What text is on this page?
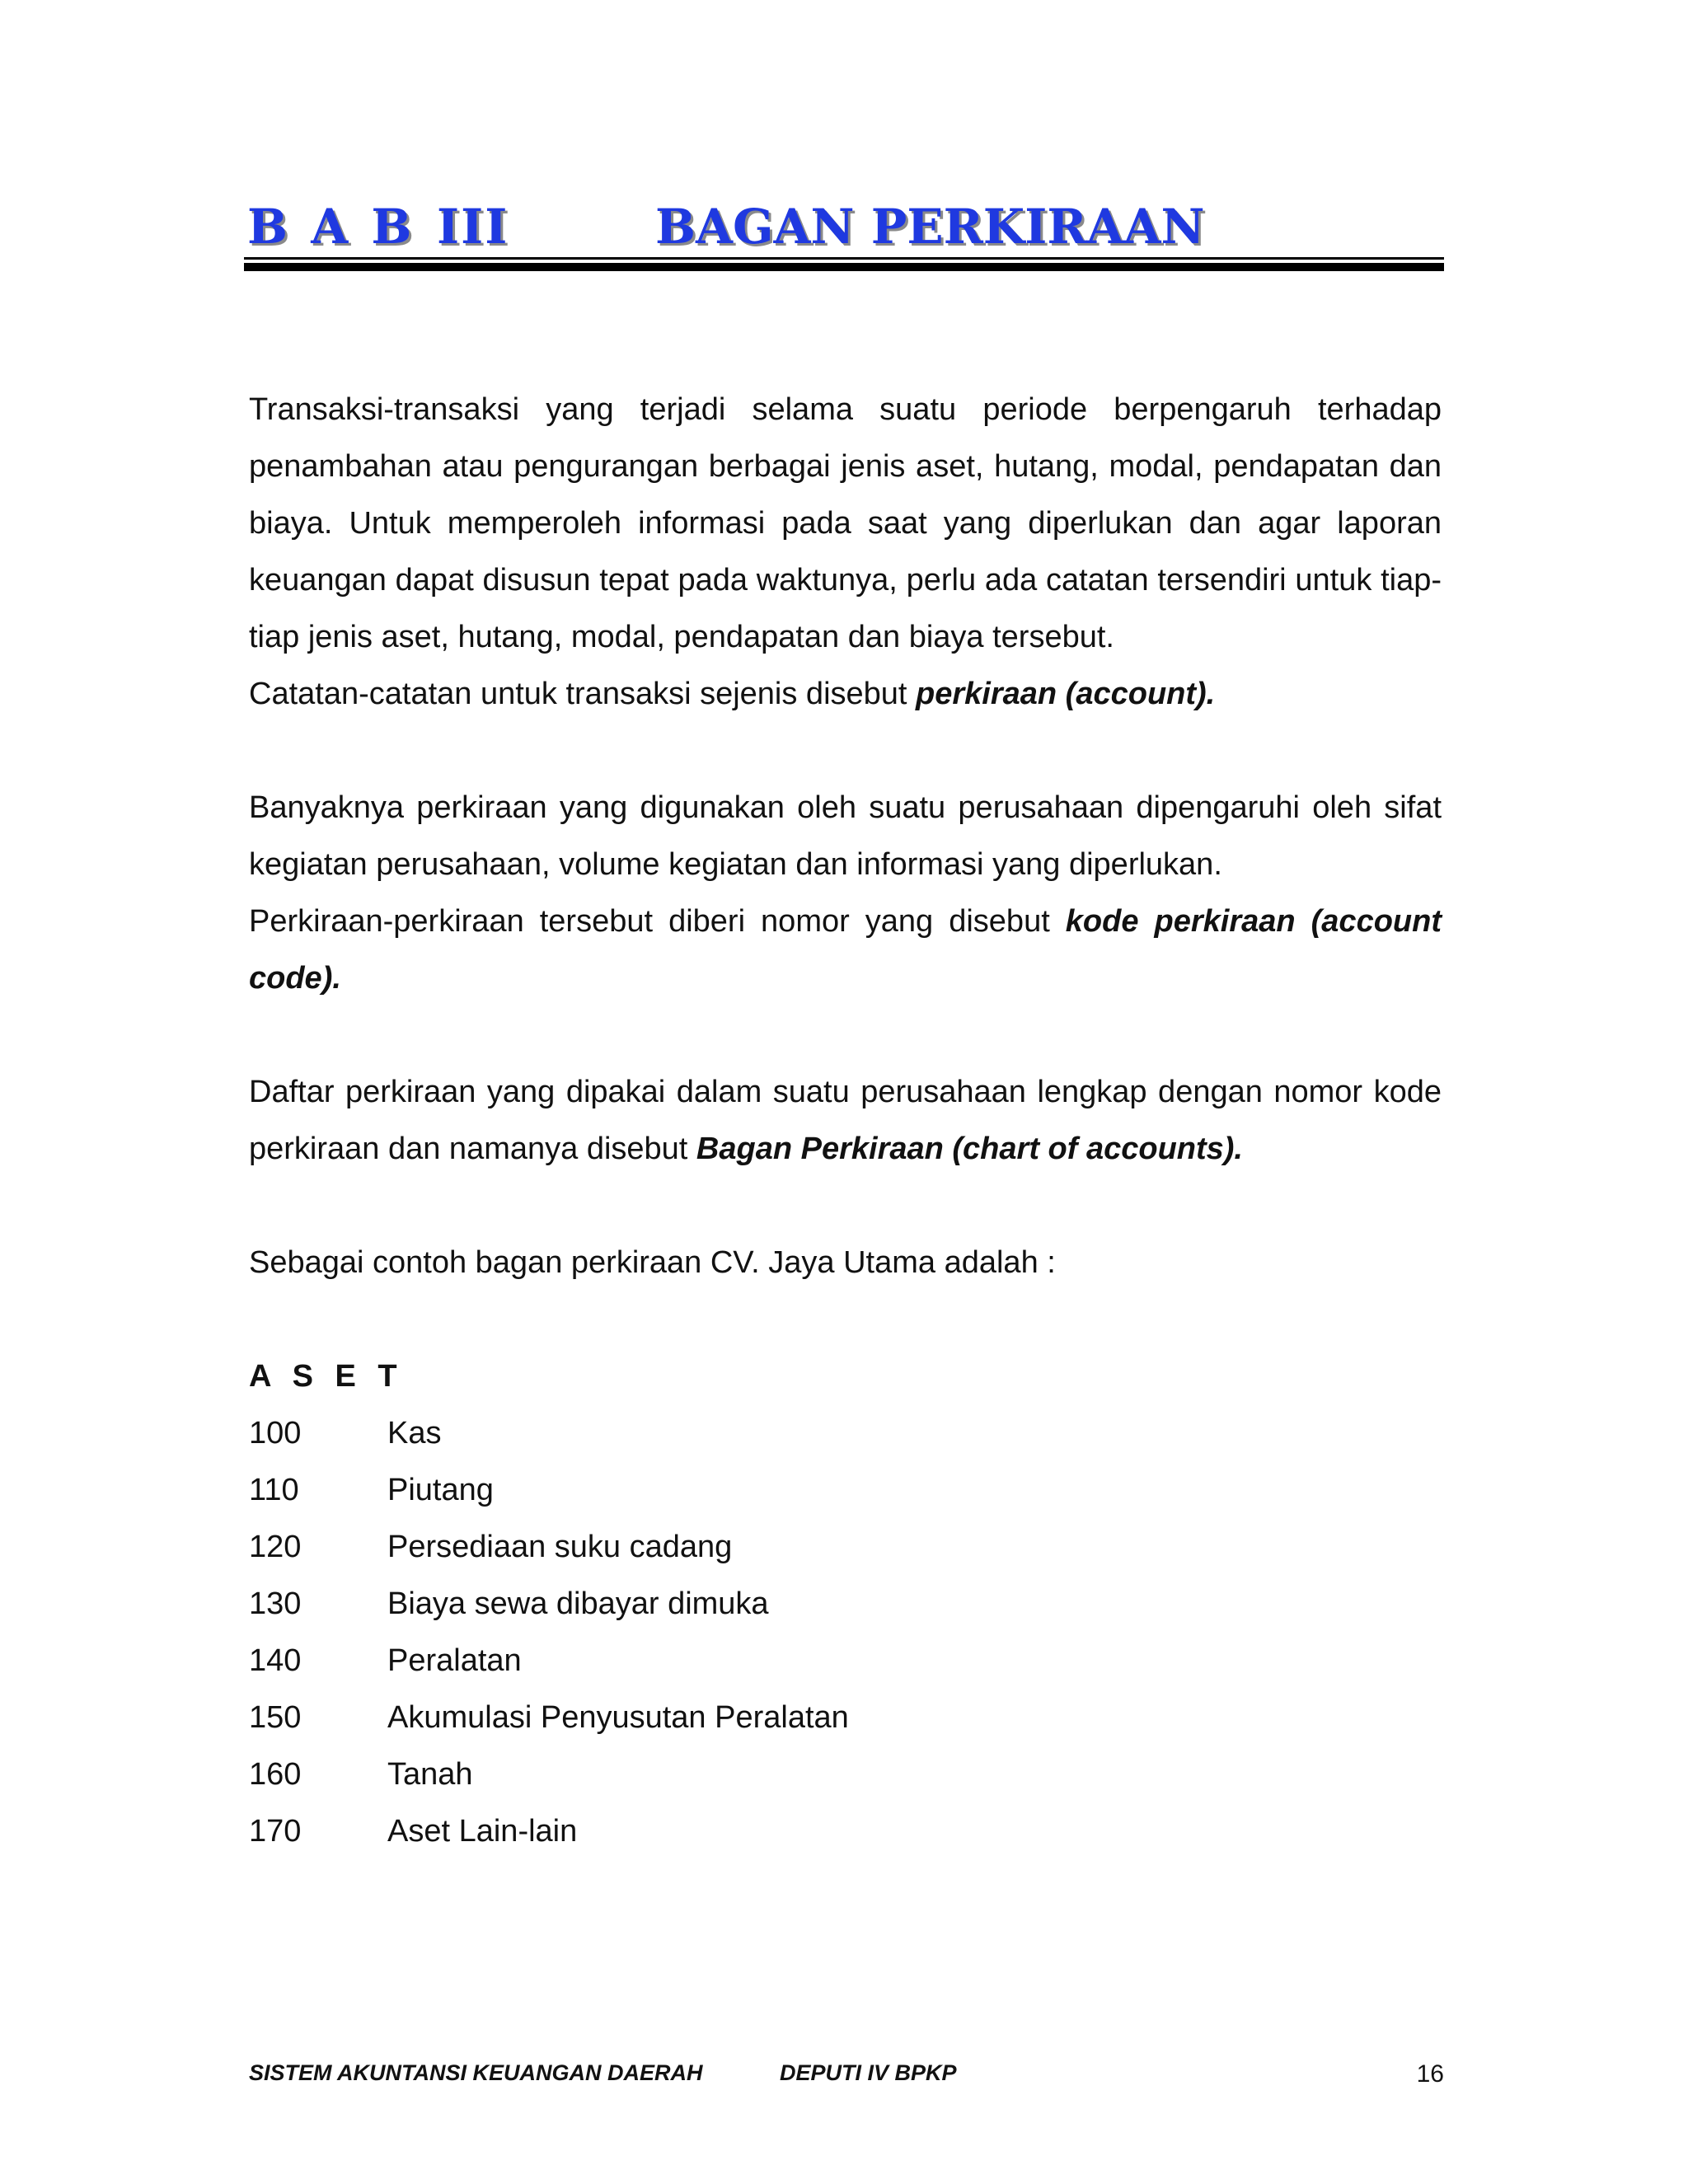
B A B III	BAGAN PERKIRAAN

Transaksi-transaksi yang terjadi selama suatu periode berpengaruh terhadap penambahan atau pengurangan berbagai jenis aset, hutang, modal, pendapatan dan biaya. Untuk memperoleh informasi pada saat yang diperlukan dan agar laporan keuangan dapat disusun tepat pada waktunya, perlu ada catatan tersendiri untuk tiap-tiap jenis aset, hutang, modal, pendapatan dan biaya tersebut.

Catatan-catatan untuk transaksi sejenis disebut perkiraan (account).

Banyaknya perkiraan yang digunakan oleh suatu perusahaan dipengaruhi oleh sifat kegiatan perusahaan, volume kegiatan dan informasi yang diperlukan.

Perkiraan-perkiraan tersebut diberi nomor yang disebut kode perkiraan (account code).

Daftar perkiraan yang dipakai dalam suatu perusahaan lengkap dengan nomor kode perkiraan dan namanya disebut Bagan Perkiraan (chart of accounts).

Sebagai contoh bagan perkiraan CV. Jaya Utama adalah :

A S E T

100	Kas
110	Piutang
120	Persediaan suku cadang
130	Biaya sewa dibayar dimuka
140	Peralatan
150	Akumulasi Penyusutan Peralatan
160	Tanah
170	Aset Lain-lain
SISTEM AKUNTANSI KEUANGAN DAERAH	DEPUTI IV BPKP	16
